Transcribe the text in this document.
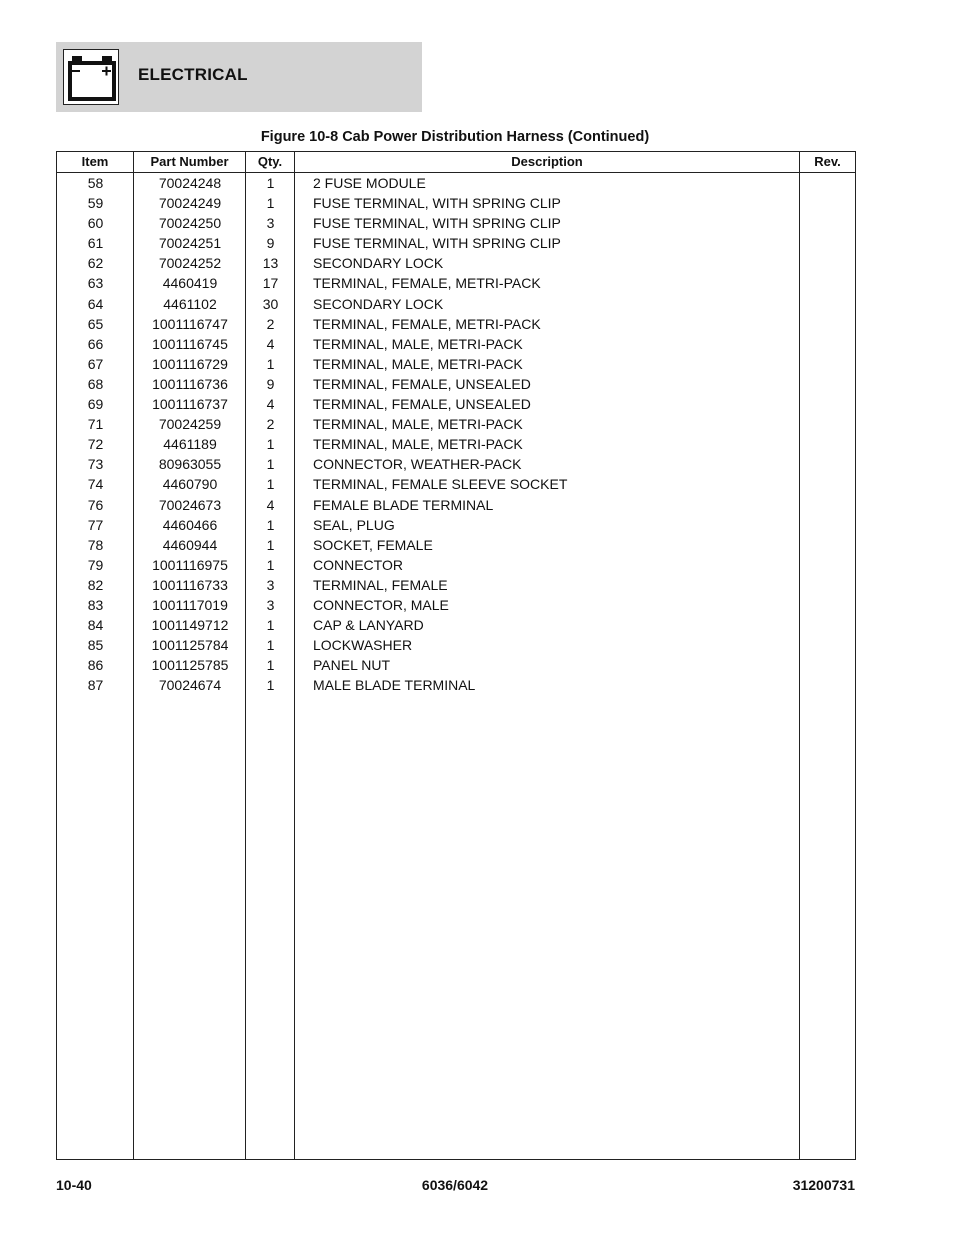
ELECTRICAL
Figure 10-8 Cab Power Distribution Harness (Continued)
Item	Part Number	Qty.	Description	Rev.
58	70024248	1	2 FUSE MODULE
59	70024249	1	FUSE TERMINAL, WITH SPRING CLIP
60	70024250	3	FUSE TERMINAL, WITH SPRING CLIP
61	70024251	9	FUSE TERMINAL, WITH SPRING CLIP
62	70024252	13	SECONDARY LOCK
63	4460419	17	TERMINAL, FEMALE, METRI-PACK
64	4461102	30	SECONDARY LOCK
65	1001116747	2	TERMINAL, FEMALE, METRI-PACK
66	1001116745	4	TERMINAL, MALE, METRI-PACK
67	1001116729	1	TERMINAL, MALE, METRI-PACK
68	1001116736	9	TERMINAL, FEMALE, UNSEALED
69	1001116737	4	TERMINAL, FEMALE, UNSEALED
71	70024259	2	TERMINAL, MALE, METRI-PACK
72	4461189	1	TERMINAL, MALE, METRI-PACK
73	80963055	1	CONNECTOR, WEATHER-PACK
74	4460790	1	TERMINAL, FEMALE SLEEVE SOCKET
76	70024673	4	FEMALE BLADE TERMINAL
77	4460466	1	SEAL, PLUG
78	4460944	1	SOCKET, FEMALE
79	1001116975	1	CONNECTOR
82	1001116733	3	TERMINAL, FEMALE
83	1001117019	3	CONNECTOR, MALE
84	1001149712	1	CAP & LANYARD
85	1001125784	1	LOCKWASHER
86	1001125785	1	PANEL NUT
87	70024674	1	MALE BLADE TERMINAL
10-40	6036/6042	31200731
